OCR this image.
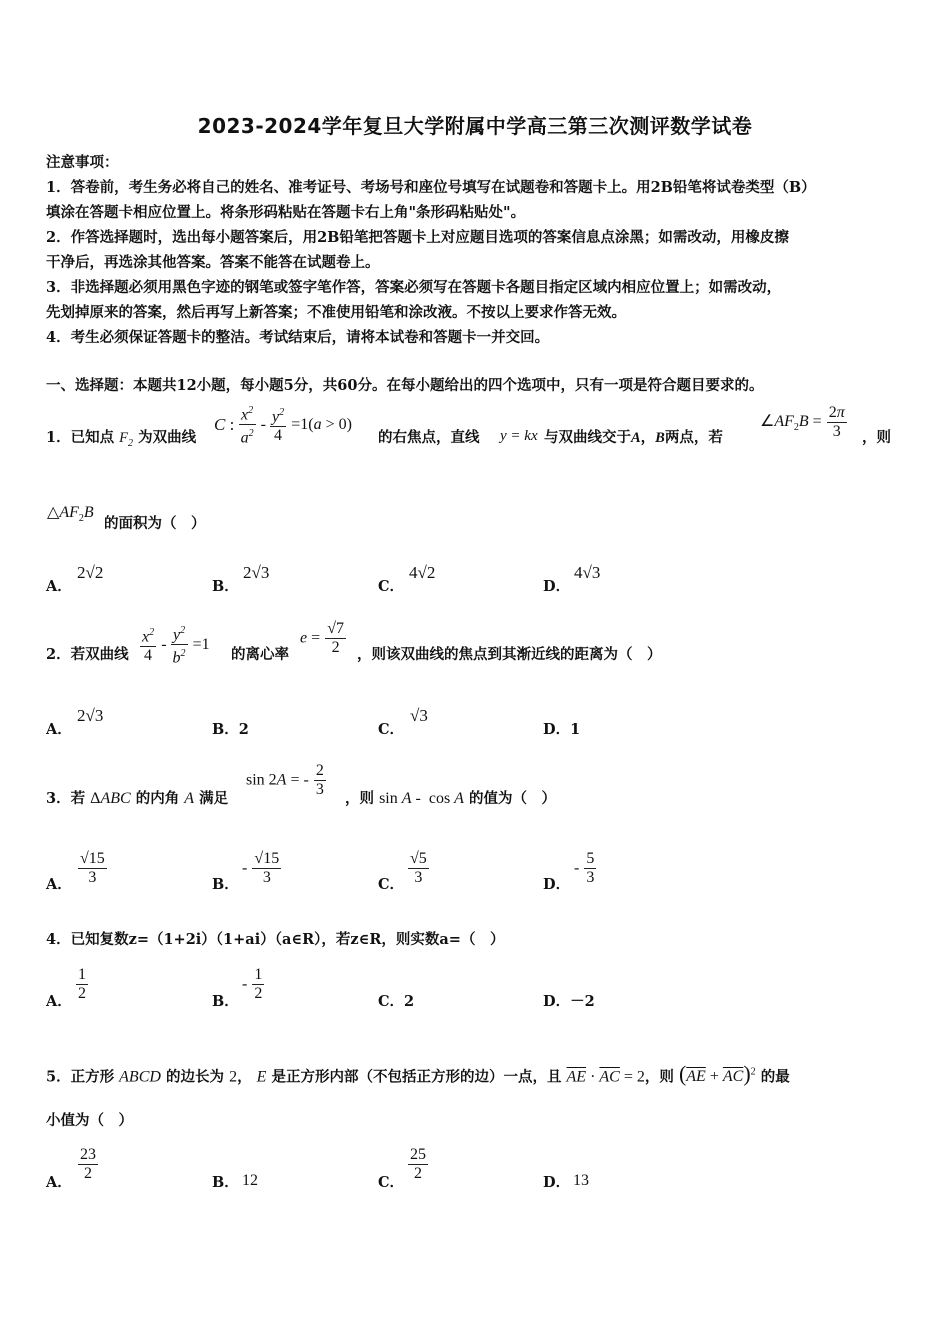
2023-2024学年复旦大学附属中学高三第三次测评数学试卷
注意事项：
1．答卷前，考生务必将自己的姓名、准考证号、考场号和座位号填写在试题卷和答题卡上。用2B铅笔将试卷类型（B）
填涂在答题卡相应位置上。将条形码粘贴在答题卡右上角"条形码粘贴处"。
2．作答选择题时，选出每小题答案后，用2B铅笔把答题卡上对应题目选项的答案信息点涂黑；如需改动，用橡皮擦
干净后，再选涂其他答案。答案不能答在试题卷上。
3．非选择题必须用黑色字迹的钢笔或签字笔作答，答案必须写在答题卡各题目指定区域内相应位置上；如需改动，
先划掉原来的答案，然后再写上新答案；不准使用铅笔和涂改液。不按以上要求作答无效。
4．考生必须保证答题卡的整洁。考试结束后，请将本试卷和答题卡一并交回。
一、选择题：本题共12小题，每小题5分，共60分。在每小题给出的四个选项中，只有一项是符合题目要求的。
1．已知点 $F_2$ 为双曲线
C : $\frac{x^2}{a^2} - \frac{y^2}{4} =1(a > 0)$
的右焦点，直线 y = kx 与双曲线交于A，B两点，若
$\angle AF_2B = \frac{2\pi}{3}$ ，则
$\triangle AF_2B$
的面积为（　）
A．
2√2
B．
2√3
C．
4√2
D．
4√3
2．若双曲线 $\frac{x^2}{4} - \frac{y^2}{b^2} =1$
的离心率
$e = \frac{√7}{2}$ ，则该双曲线的焦点到其渐近线的距离为（　）
A．
2√3
B．2	C．
√3
D．1
3．若 ΔABC 的内角 A 满足
sin 2A = - $\frac{2}{3}$ ，则 sin A -  cos A 的值为（　）
A． $\frac{√15}{3}$	B．
- $\frac{√15}{3}$	C． $\frac{√5}{3}$	D．
- $\frac{5}{3}$
4．已知复数z=（1+2i）（1+ai）（a∈R），若z∈R，则实数a=（　）
A． $\frac{1}{2}$	B．
- $\frac{1}{2}$	C．2	D．－2
5．正方形 ABCD 的边长为 2， E 是正方形内部（不包括正方形的边）一点，且 $\overline{AE} \cdot \overline{AC} = 2$，则 $(\overline{AE} + \overline{AC})^2$ 的最
小值为（　）
A． $\frac{23}{2}$	B． 12	C． $\frac{25}{2}$	D． 13
